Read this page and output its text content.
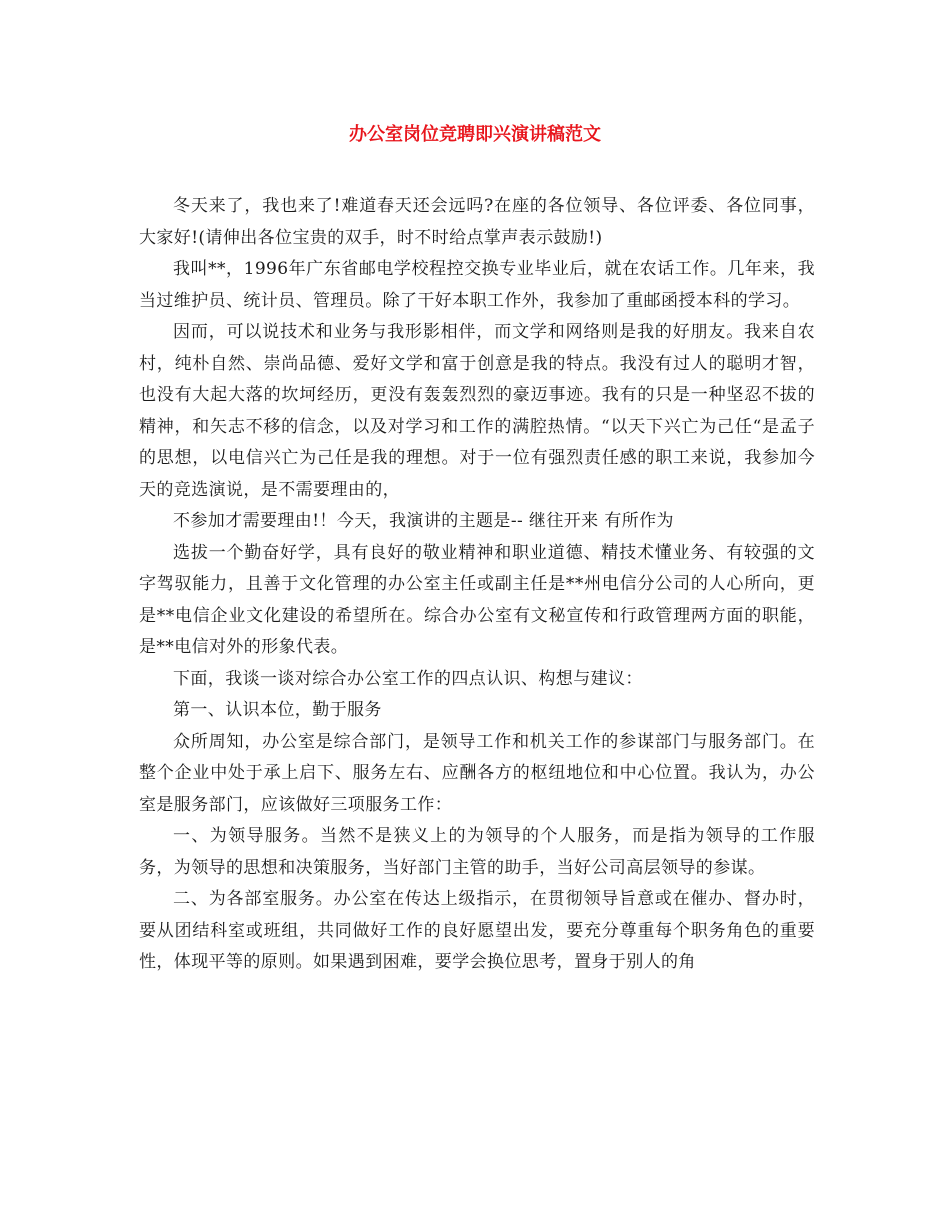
办公室岗位竞聘即兴演讲稿范文

冬天来了，我也来了!难道春天还会远吗?在座的各位领导、各位评委、各位同事，大家好!(请伸出各位宝贵的双手，时不时给点掌声表示鼓励!)

我叫**，1996年广东省邮电学校程控交换专业毕业后，就在农话工作。几年来，我当过维护员、统计员、管理员。除了干好本职工作外，我参加了重邮函授本科的学习。

因而，可以说技术和业务与我形影相伴，而文学和网络则是我的好朋友。我来自农村，纯朴自然、崇尚品德、爱好文学和富于创意是我的特点。我没有过人的聪明才智，也没有大起大落的坎坷经历，更没有轰轰烈烈的豪迈事迹。我有的只是一种坚忍不拔的精神，和矢志不移的信念，以及对学习和工作的满腔热情。“以天下兴亡为己任“是孟子的思想，以电信兴亡为己任是我的理想。对于一位有强烈责任感的职工来说，我参加今天的竞选演说，是不需要理由的，

不参加才需要理由!！今天，我演讲的主题是-- 继往开来 有所作为

选拔一个勤奋好学，具有良好的敬业精神和职业道德、精技术懂业务、有较强的文字驾驭能力，且善于文化管理的办公室主任或副主任是**州电信分公司的人心所向，更是**电信企业文化建设的希望所在。综合办公室有文秘宣传和行政管理两方面的职能，是**电信对外的形象代表。

下面，我谈一谈对综合办公室工作的四点认识、构想与建议：

第一、认识本位，勤于服务

众所周知，办公室是综合部门，是领导工作和机关工作的参谋部门与服务部门。在整个企业中处于承上启下、服务左右、应酬各方的枢纽地位和中心位置。我认为，办公室是服务部门，应该做好三项服务工作：

一、为领导服务。当然不是狭义上的为领导的个人服务，而是指为领导的工作服务，为领导的思想和决策服务，当好部门主管的助手，当好公司高层领导的参谋。

二、为各部室服务。办公室在传达上级指示，在贯彻领导旨意或在催办、督办时，要从团结科室或班组，共同做好工作的良好愿望出发，要充分尊重每个职务角色的重要性，体现平等的原则。如果遇到困难，要学会换位思考，置身于别人的角
